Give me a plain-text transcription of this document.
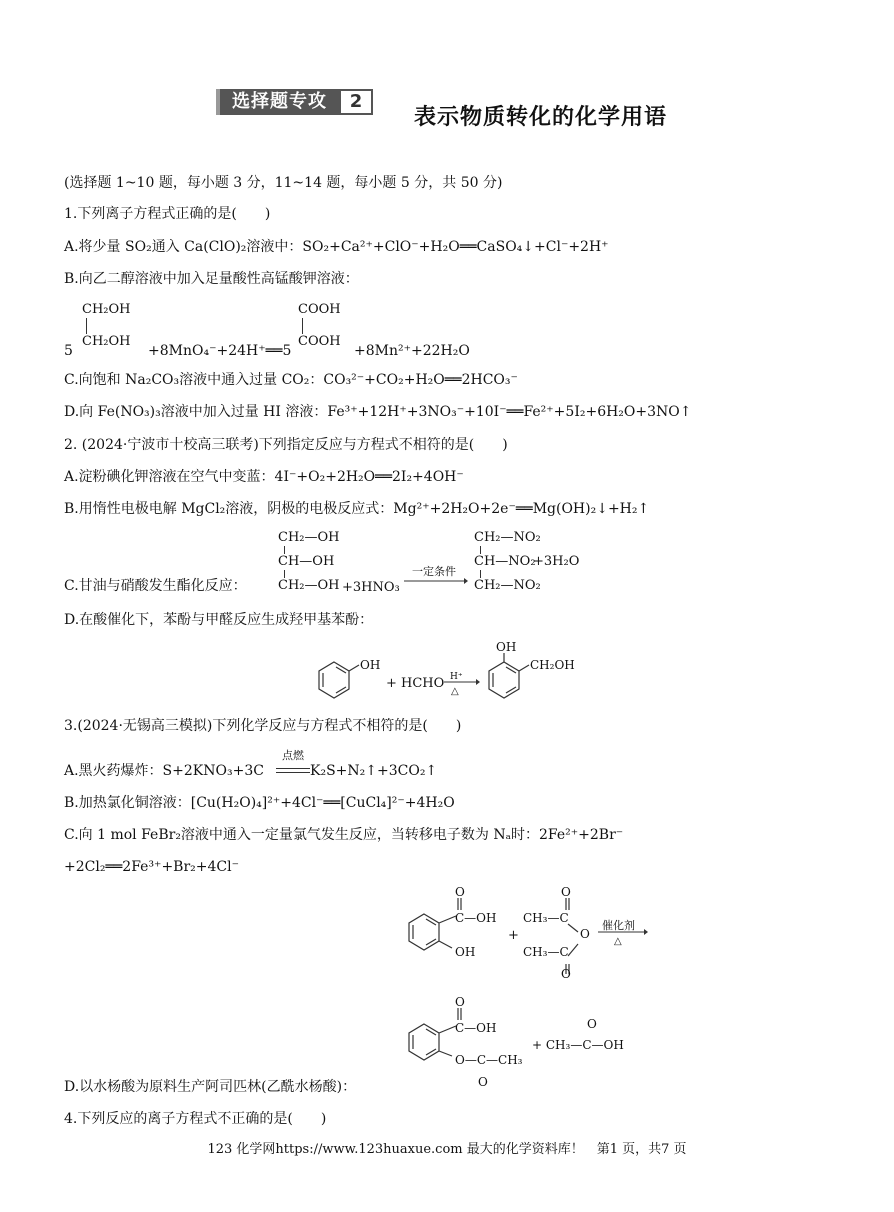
选择题专攻	2
表示物质转化的化学用语
(选择题 1~10 题，每小题 3 分，11~14 题，每小题 5 分，共 50 分)
1.下列离子方程式正确的是(　　)
A.将少量 SO₂通入 Ca(ClO)₂溶液中：SO₂+Ca²⁺+ClO⁻+H₂O══CaSO₄↓+Cl⁻+2H⁺
B.向乙二醇溶液中加入足量酸性高锰酸钾溶液：
CH₂OH
CH₂OH
5	+8MnO₄⁻+24H⁺══5
COOH
COOH
+8Mn²⁺+22H₂O
C.向饱和 Na₂CO₃溶液中通入过量 CO₂：CO₃²⁻+CO₂+H₂O══2HCO₃⁻
D.向 Fe(NO₃)₃溶液中加入过量 HI 溶液：Fe³⁺+12H⁺+3NO₃⁻+10I⁻══Fe²⁺+5I₂+6H₂O+3NO↑
2. (2024·宁波市十校高三联考)下列指定反应与方程式不相符的是(　　)
A.淀粉碘化钾溶液在空气中变蓝：4I⁻+O₂+2H₂O══2I₂+4OH⁻
B.用惰性电极电解 MgCl₂溶液，阴极的电极反应式：Mg²⁺+2H₂O+2e⁻══Mg(OH)₂↓+H₂↑
CH₂—OH
CH—OH
C.甘油与硝酸发生酯化反应： CH₂—OH +3HNO₃
一定条件
CH₂—NO₂
CH—NO₂
+3H₂O
CH₂—NO₂
D.在酸催化下，苯酚与甲醛反应生成羟甲基苯酚：
OH
+ HCHO H⁺
△
OH
CH₂OH
3.(2024·无锡高三模拟)下列化学反应与方程式不相符的是(　　)
A.黑火药爆炸：S+2KNO₃+3C
点燃
K₂S+N₂↑+3CO₂↑
B.加热氯化铜溶液：[Cu(H₂O)₄]²⁺+4Cl⁻══[CuCl₄]²⁻+4H₂O
C.向 1 mol FeBr₂溶液中通入一定量氯气发生反应，当转移电子数为 Nₐ时：2Fe²⁺+2Br⁻
+2Cl₂══2Fe³⁺+Br₂+4Cl⁻
O
C—OH
OH
+
O
CH₃—C
O
CH₃—C
O
催化剂
△
O
C—OH
O—C—CH₃
O
O
+ CH₃—C—OH
D.以水杨酸为原料生产阿司匹林(乙酰水杨酸)：
4.下列反应的离子方程式不正确的是(　　)
123 化学网https://www.123huaxue.com 最大的化学资料库！　第1 页，共7 页
